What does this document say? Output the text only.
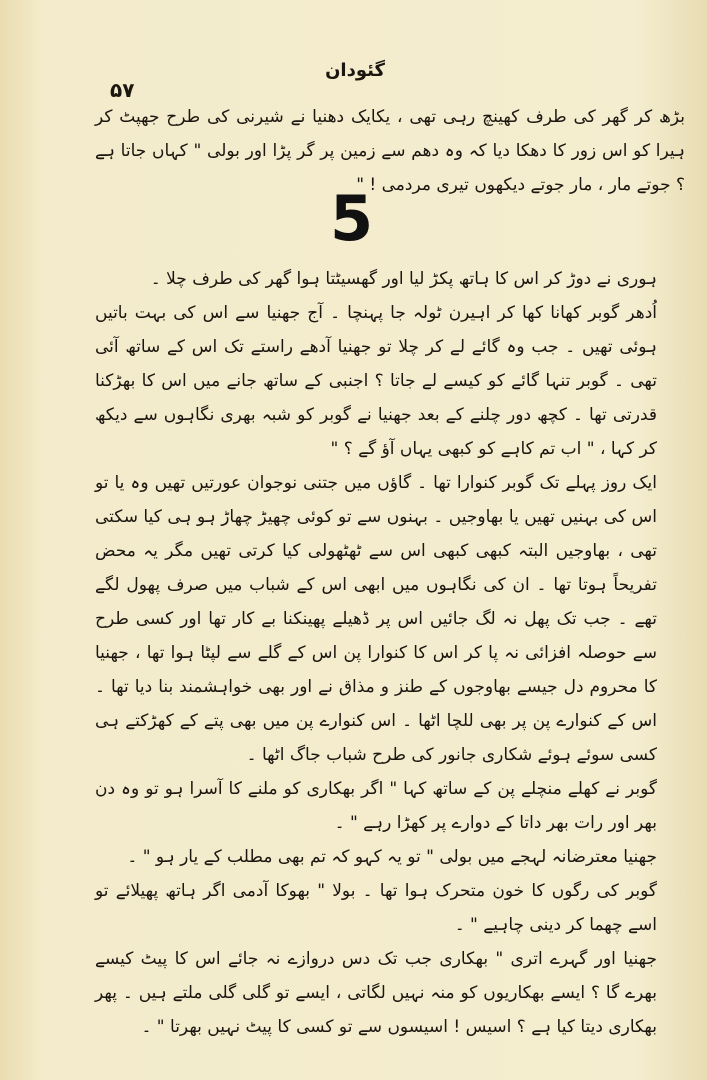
۵۷
گئودان

بڑھ کر گھر کی طرف کھینچ رہی تھی ، یکایک دھنیا نے شیرنی کی طرح جھپٹ کر ہیرا کو اس زور کا دھکا دیا کہ وہ دھم سے زمین پر گر پڑا اور بولی " کہاں جاتا ہے ؟ جوتے مار ، مار جوتے دیکھوں تیری مردمی ! "

5

ہوری نے دوڑ کر اس کا ہاتھ پکڑ لیا اور گھسیٹتا ہوا گھر کی طرف چلا ۔

اُدھر گوبر کھانا کھا کر اہیرن ٹولہ جا پہنچا ۔ آج جھنیا سے اس کی بہت باتیں ہوئی تھیں ۔ جب وہ گائے لے کر چلا تو جھنیا آدھے راستے تک اس کے ساتھ آئی تھی ۔ گوبر تنہا گائے کو کیسے لے جاتا ؟ اجنبی کے ساتھ جانے میں اس کا بھڑکنا قدرتی تھا ۔ کچھ دور چلنے کے بعد جھنیا نے گوبر کو شبہ بھری نگاہوں سے دیکھ کر کہا ، " اب تم کاہے کو کبھی یہاں آؤ گے ؟ "

ایک روز پہلے تک گوبر کنوارا تھا ۔ گاؤں میں جتنی نوجوان عورتیں تھیں وہ یا تو اس کی بہنیں تھیں یا بھاوجیں ۔ بہنوں سے تو کوئی چھیڑ چھاڑ ہو ہی کیا سکتی تھی ، بھاوجیں البتہ کبھی کبھی اس سے ٹھٹھولی کیا کرتی تھیں مگر یہ محض تفریحاً ہوتا تھا ۔ ان کی نگاہوں میں ابھی اس کے شباب میں صرف پھول لگے تھے ۔ جب تک پھل نہ لگ جائیں اس پر ڈھیلے پھینکنا بے کار تھا اور کسی طرح سے حوصلہ افزائی نہ پا کر اس کا کنوارا پن اس کے گلے سے لپٹا ہوا تھا ، جھنیا کا محروم دل جیسے بھاوجوں کے طنز و مذاق نے اور بھی خواہشمند بنا دیا تھا ۔ اس کے کنوارے پن پر بھی للچا اٹھا ۔ اس کنوارے پن میں بھی پتے کے کھڑکتے ہی کسی سوئے ہوئے شکاری جانور کی طرح شباب جاگ اٹھا ۔

گوبر نے کھلے منچلے پن کے ساتھ کہا " اگر بھکاری کو ملنے کا آسرا ہو تو وہ دن بھر اور رات بھر داتا کے دوارے پر کھڑا رہے " ۔

جھنیا معترضانہ لہجے میں بولی " تو یہ کہو کہ تم بھی مطلب کے یار ہو " ۔

گوبر کی رگوں کا خون متحرک ہوا تھا ۔ بولا " بھوکا آدمی اگر ہاتھ پھیلائے تو اسے چھما کر دینی چاہیے " ۔

جھنیا اور گہرے اتری " بھکاری جب تک دس دروازے نہ جائے اس کا پیٹ کیسے بھرے گا ؟ ایسے بھکاریوں کو منہ نہیں لگاتی ، ایسے تو گلی گلی ملتے ہیں ۔ پھر بھکاری دیتا کیا ہے ؟ اسیس ! اسیسوں سے تو کسی کا پیٹ نہیں بھرتا " ۔
